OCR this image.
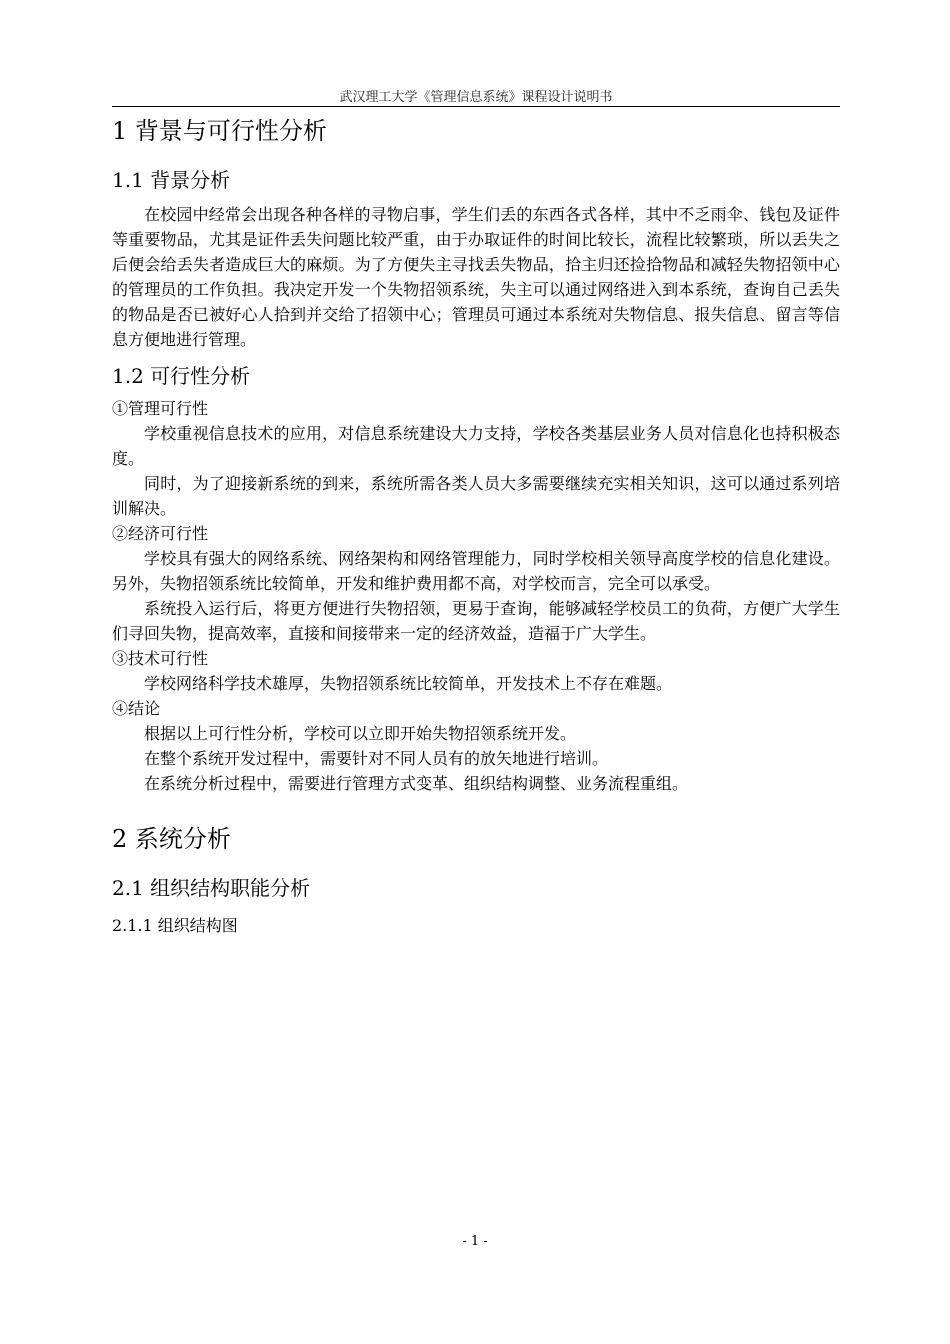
武汉理工大学《管理信息系统》课程设计说明书
1 背景与可行性分析
1.1 背景分析

在校园中经常会出现各种各样的寻物启事，学生们丢的东西各式各样，其中不乏雨伞、钱包及证件等重要物品，尤其是证件丢失问题比较严重，由于办取证件的时间比较长，流程比较繁琐，所以丢失之后便会给丢失者造成巨大的麻烦。为了方便失主寻找丢失物品，拾主归还捡拾物品和减轻失物招领中心的管理员的工作负担。我决定开发一个失物招领系统，失主可以通过网络进入到本系统，查询自己丢失的物品是否已被好心人拾到并交给了招领中心；管理员可通过本系统对失物信息、报失信息、留言等信息方便地进行管理。

1.2 可行性分析
①管理可行性

学校重视信息技术的应用，对信息系统建设大力支持，学校各类基层业务人员对信息化也持积极态度。

同时，为了迎接新系统的到来，系统所需各类人员大多需要继续充实相关知识，这可以通过系列培训解决。

②经济可行性

学校具有强大的网络系统、网络架构和网络管理能力，同时学校相关领导高度学校的信息化建设。另外，失物招领系统比较简单，开发和维护费用都不高，对学校而言，完全可以承受。

系统投入运行后，将更方便进行失物招领，更易于查询，能够减轻学校员工的负荷，方便广大学生们寻回失物，提高效率，直接和间接带来一定的经济效益，造福于广大学生。

③技术可行性

学校网络科学技术雄厚，失物招领系统比较简单，开发技术上不存在难题。

④结论

根据以上可行性分析，学校可以立即开始失物招领系统开发。

在整个系统开发过程中，需要针对不同人员有的放矢地进行培训。

在系统分析过程中，需要进行管理方式变革、组织结构调整、业务流程重组。

2 系统分析
2.1 组织结构职能分析
2.1.1 组织结构图
- 1 -
